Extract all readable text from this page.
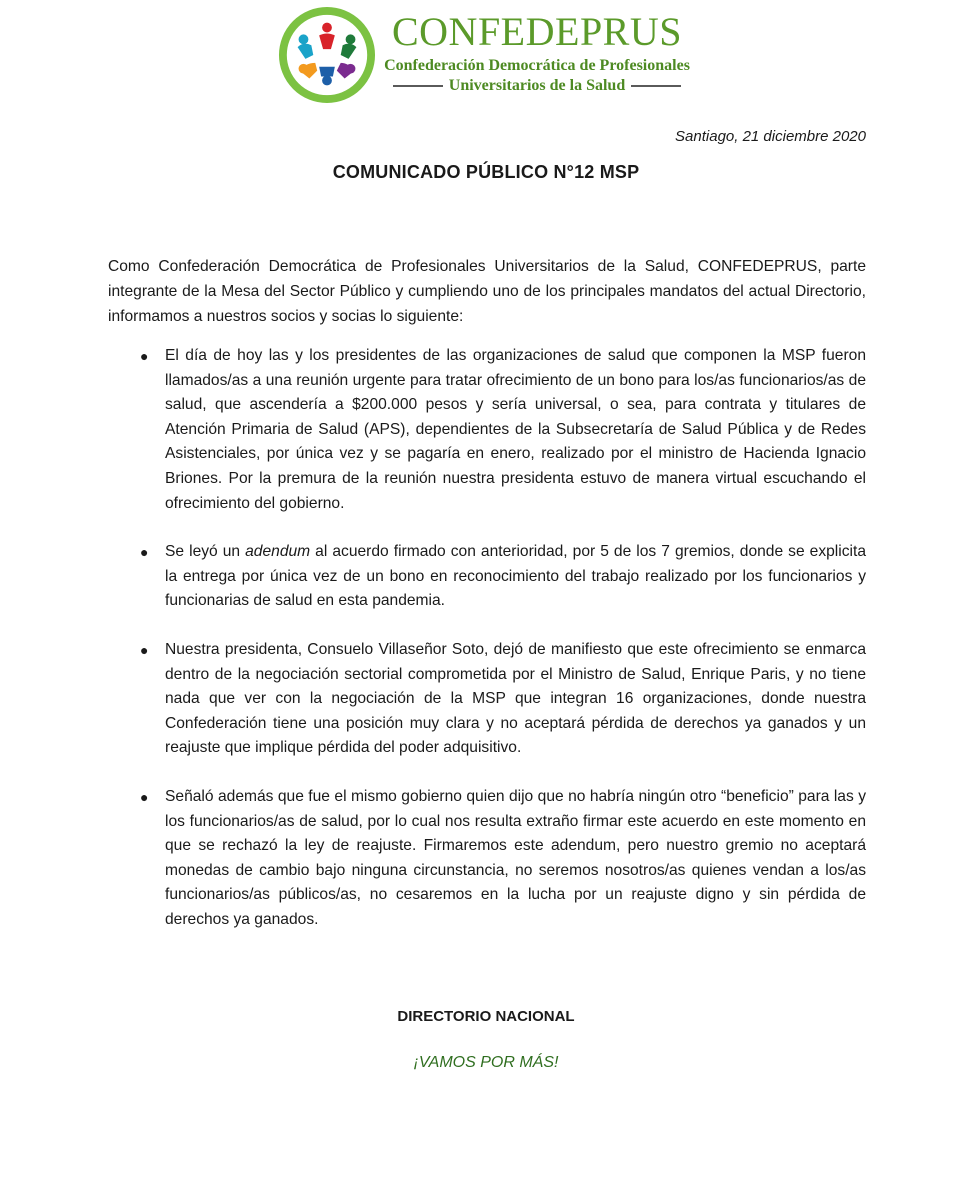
CONFEDEPRUS
Confederación Democrática de Profesionales
Universitarios de la Salud
Santiago, 21 diciembre 2020
COMUNICADO PÚBLICO N°12 MSP

Como Confederación Democrática de Profesionales Universitarios de la Salud, CONFEDEPRUS, parte integrante de la Mesa del Sector Público y cumpliendo uno de los principales mandatos del actual Directorio, informamos a nuestros socios y socias lo siguiente:

● El día de hoy las y los presidentes de las organizaciones de salud que componen la MSP fueron llamados/as a una reunión urgente para tratar ofrecimiento de un bono para los/as funcionarios/as de salud, que ascendería a $200.000 pesos y sería universal, o sea, para contrata y titulares de Atención Primaria de Salud (APS), dependientes de la Subsecretaría de Salud Pública y de Redes Asistenciales, por única vez y se pagaría en enero, realizado por el ministro de Hacienda Ignacio Briones. Por la premura de la reunión nuestra presidenta estuvo de manera virtual escuchando el ofrecimiento del gobierno.
● Se leyó un adendum al acuerdo firmado con anterioridad, por 5 de los 7 gremios, donde se explicita la entrega por única vez de un bono en reconocimiento del trabajo realizado por los funcionarios y funcionarias de salud en esta pandemia.
● Nuestra presidenta, Consuelo Villaseñor Soto, dejó de manifiesto que este ofrecimiento se enmarca dentro de la negociación sectorial comprometida por el Ministro de Salud, Enrique Paris, y no tiene nada que ver con la negociación de la MSP que integran 16 organizaciones, donde nuestra Confederación tiene una posición muy clara y no aceptará pérdida de derechos ya ganados y un reajuste que implique pérdida del poder adquisitivo.
● Señaló además que fue el mismo gobierno quien dijo que no habría ningún otro “beneficio” para las y los funcionarios/as de salud, por lo cual nos resulta extraño firmar este acuerdo en este momento en que se rechazó la ley de reajuste. Firmaremos este adendum, pero nuestro gremio no aceptará monedas de cambio bajo ninguna circunstancia, no seremos nosotros/as quienes vendan a los/as funcionarios/as públicos/as, no cesaremos en la lucha por un reajuste digno y sin pérdida de derechos ya ganados.
DIRECTORIO NACIONAL
¡VAMOS POR MÁS!
